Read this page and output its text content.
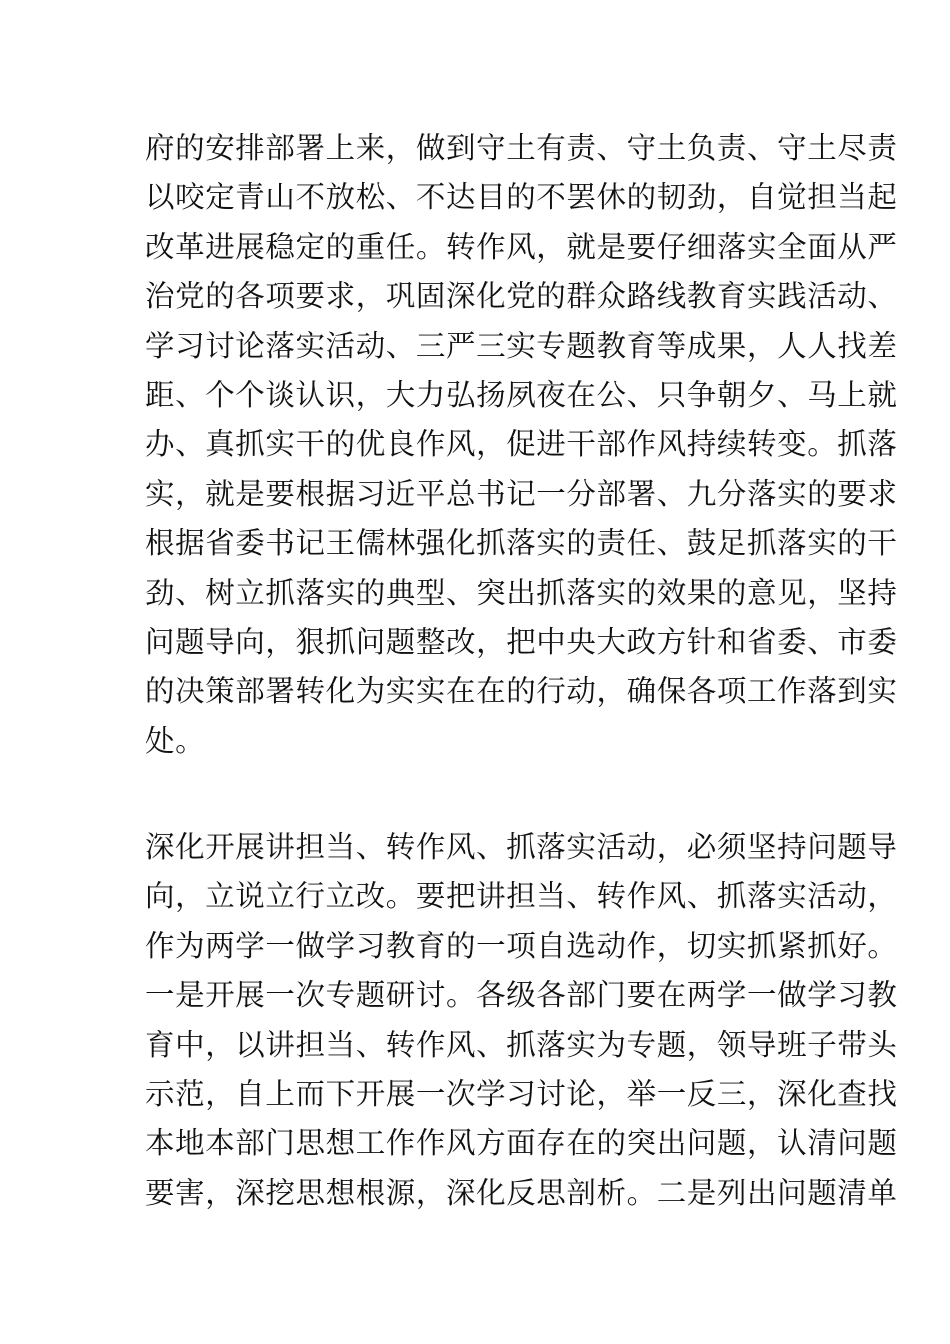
府的安排部署上来，做到守土有责、守土负责、守土尽责
以咬定青山不放松、不达目的不罢休的韧劲，自觉担当起
改革进展稳定的重任。转作风，就是要仔细落实全面从严
治党的各项要求，巩固深化党的群众路线教育实践活动、
学习讨论落实活动、三严三实专题教育等成果，人人找差
距、个个谈认识，大力弘扬夙夜在公、只争朝夕、马上就
办、真抓实干的优良作风，促进干部作风持续转变。抓落
实，就是要根据习近平总书记一分部署、九分落实的要求
根据省委书记王儒林强化抓落实的责任、鼓足抓落实的干
劲、树立抓落实的典型、突出抓落实的效果的意见，坚持
问题导向，狠抓问题整改，把中央大政方针和省委、市委
的决策部署转化为实实在在的行动，确保各项工作落到实
处。

深化开展讲担当、转作风、抓落实活动，必须坚持问题导
向，立说立行立改。要把讲担当、转作风、抓落实活动，
作为两学一做学习教育的一项自选动作，切实抓紧抓好。
一是开展一次专题研讨。各级各部门要在两学一做学习教
育中，以讲担当、转作风、抓落实为专题，领导班子带头
示范，自上而下开展一次学习讨论，举一反三，深化查找
本地本部门思想工作作风方面存在的突出问题，认清问题
要害，深挖思想根源，深化反思剖析。二是列出问题清单
